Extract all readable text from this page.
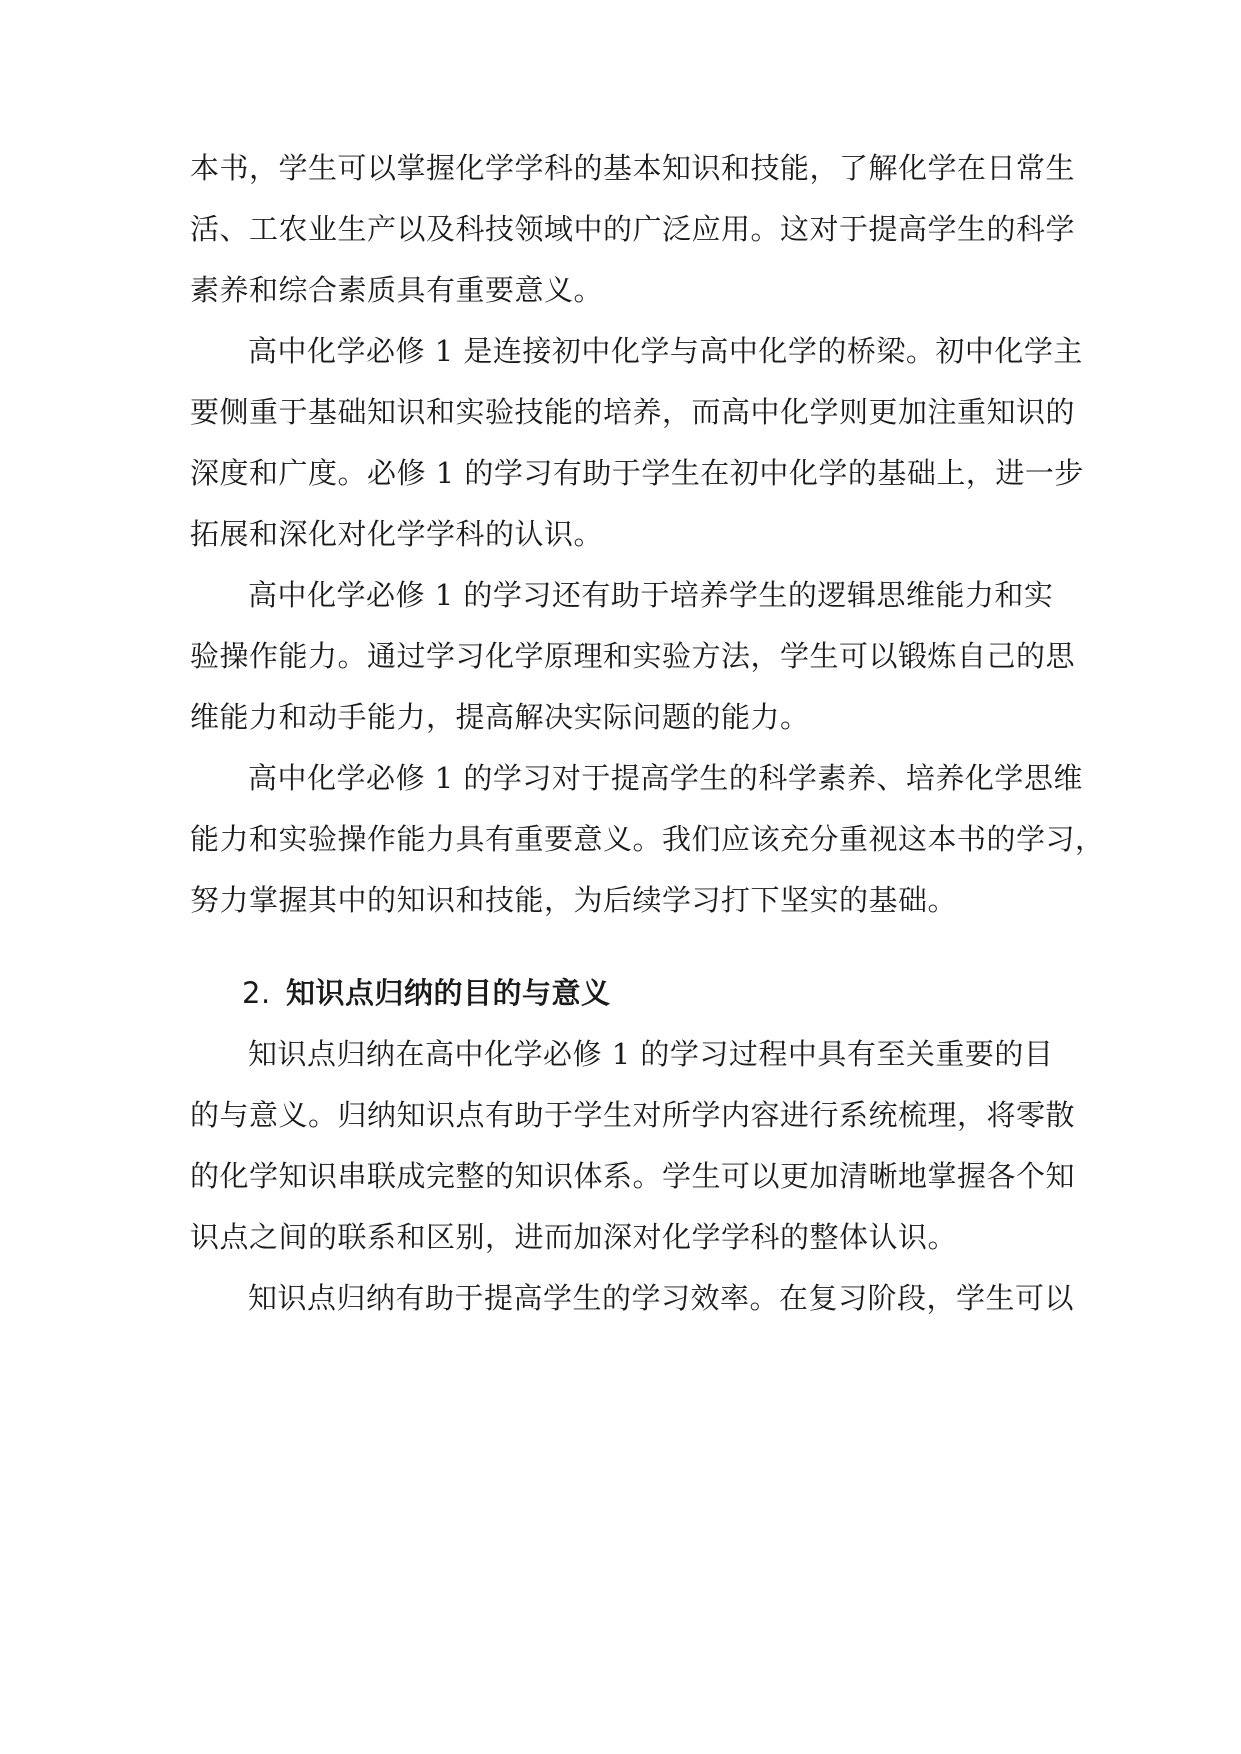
本书，学生可以掌握化学学科的基本知识和技能，了解化学在日常生
活、工农业生产以及科技领域中的广泛应用。这对于提高学生的科学
素养和综合素质具有重要意义。
高中化学必修 1 是连接初中化学与高中化学的桥梁。初中化学主
要侧重于基础知识和实验技能的培养，而高中化学则更加注重知识的
深度和广度。必修 1 的学习有助于学生在初中化学的基础上，进一步
拓展和深化对化学学科的认识。
高中化学必修 1 的学习还有助于培养学生的逻辑思维能力和实
验操作能力。通过学习化学原理和实验方法，学生可以锻炼自己的思
维能力和动手能力，提高解决实际问题的能力。
高中化学必修 1 的学习对于提高学生的科学素养、培养化学思维
能力和实验操作能力具有重要意义。我们应该充分重视这本书的学习，
努力掌握其中的知识和技能，为后续学习打下坚实的基础。
2. 知识点归纳的目的与意义
知识点归纳在高中化学必修 1 的学习过程中具有至关重要的目
的与意义。归纳知识点有助于学生对所学内容进行系统梳理，将零散
的化学知识串联成完整的知识体系。学生可以更加清晰地掌握各个知
识点之间的联系和区别，进而加深对化学学科的整体认识。
知识点归纳有助于提高学生的学习效率。在复习阶段，学生可以
